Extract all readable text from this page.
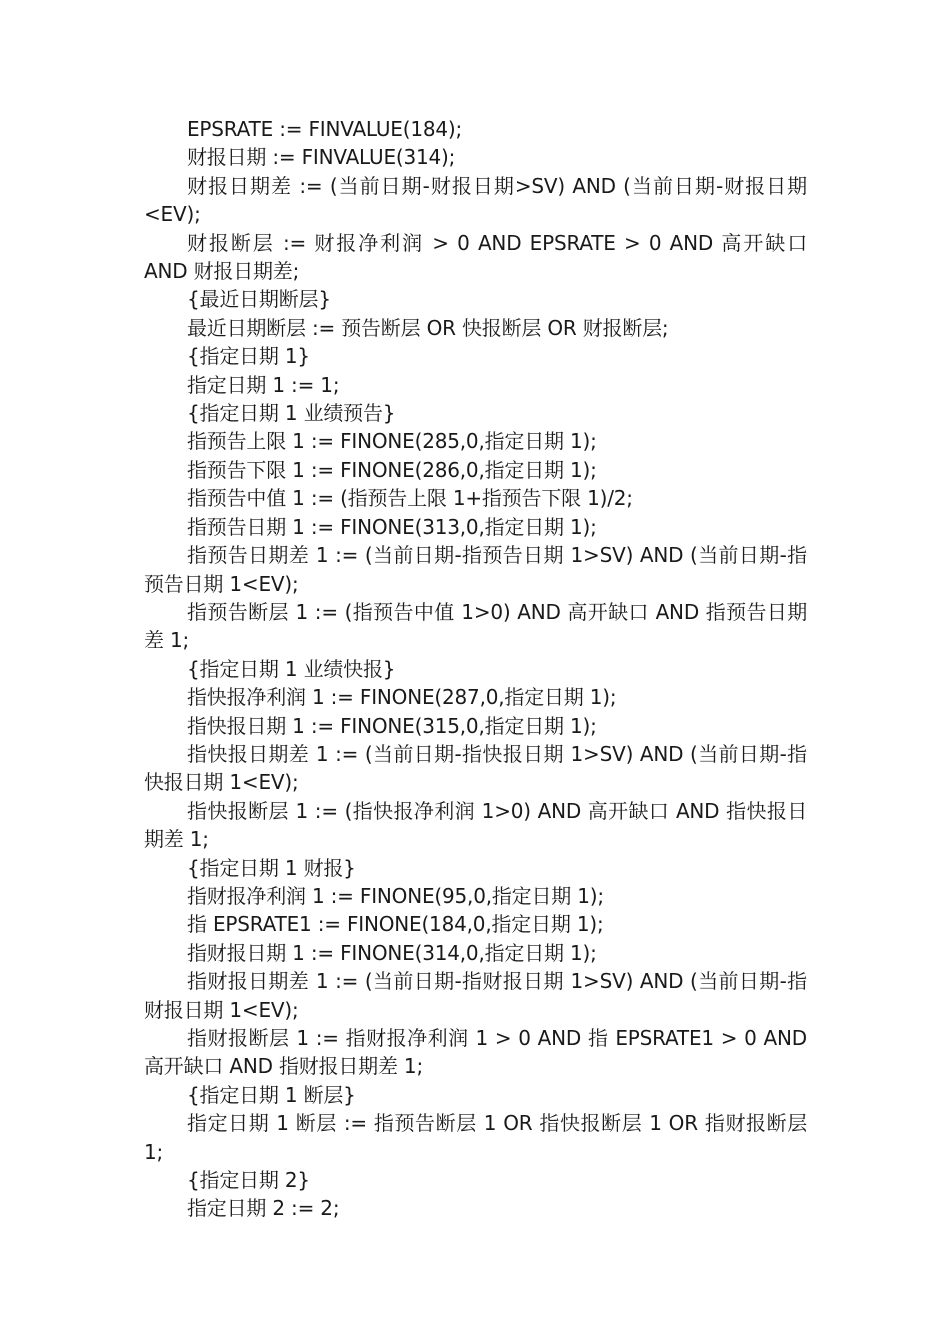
EPSRATE := FINVALUE(184);

财报日期 := FINVALUE(314);

财报日期差 := (当前日期-财报日期>SV) AND (当前日期-财报日期<EV);

财报断层 := 财报净利润 > 0 AND EPSRATE > 0 AND 高开缺口 AND 财报日期差;

{最近日期断层}

最近日期断层 := 预告断层 OR 快报断层 OR 财报断层;

{指定日期 1}

指定日期 1 := 1;

{指定日期 1 业绩预告}

指预告上限 1 := FINONE(285,0,指定日期 1);

指预告下限 1 := FINONE(286,0,指定日期 1);

指预告中值 1 := (指预告上限 1+指预告下限 1)/2;

指预告日期 1 := FINONE(313,0,指定日期 1);

指预告日期差 1 := (当前日期-指预告日期 1>SV) AND (当前日期-指预告日期 1<EV);

指预告断层 1 := (指预告中值 1>0) AND 高开缺口 AND 指预告日期差 1;

{指定日期 1 业绩快报}

指快报净利润 1 := FINONE(287,0,指定日期 1);

指快报日期 1 := FINONE(315,0,指定日期 1);

指快报日期差 1 := (当前日期-指快报日期 1>SV) AND (当前日期-指快报日期 1<EV);

指快报断层 1 := (指快报净利润 1>0) AND 高开缺口 AND 指快报日期差 1;

{指定日期 1 财报}

指财报净利润 1 := FINONE(95,0,指定日期 1);

指 EPSRATE1 := FINONE(184,0,指定日期 1);

指财报日期 1 := FINONE(314,0,指定日期 1);

指财报日期差 1 := (当前日期-指财报日期 1>SV) AND (当前日期-指财报日期 1<EV);

指财报断层 1 := 指财报净利润 1 > 0 AND 指 EPSRATE1 > 0 AND 高开缺口 AND 指财报日期差 1;

{指定日期 1 断层}

指定日期 1 断层 := 指预告断层 1 OR 指快报断层 1 OR 指财报断层 1;

{指定日期 2}

指定日期 2 := 2;
